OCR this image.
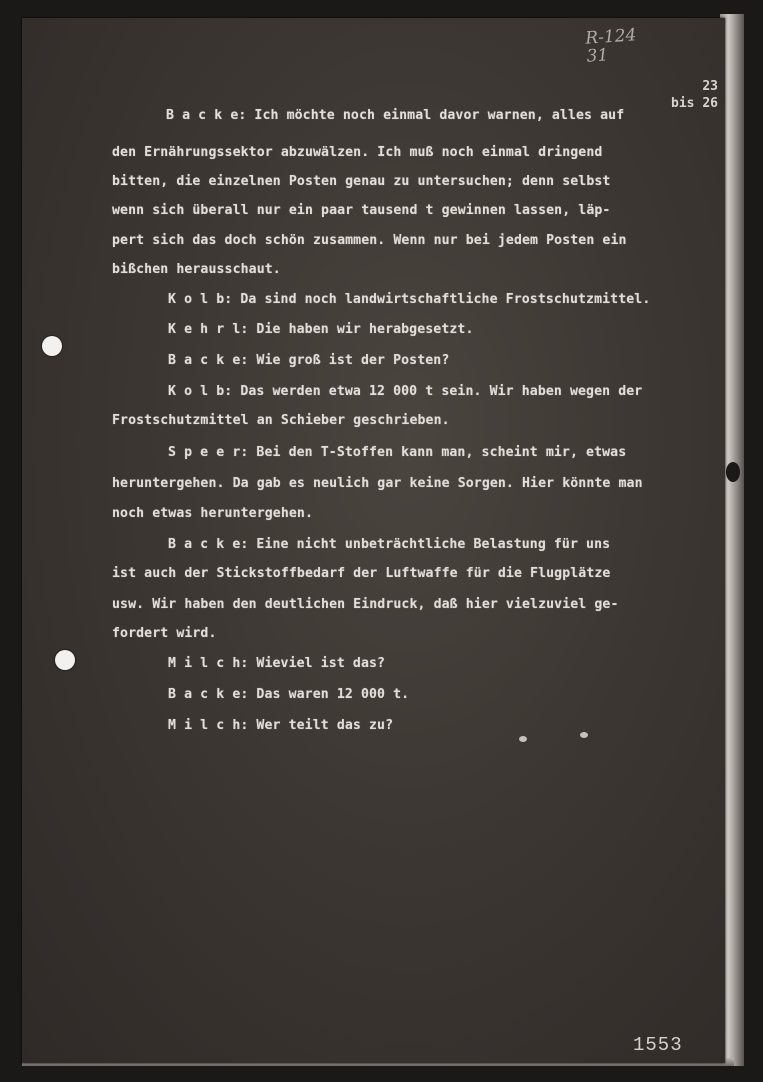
R-124
31
23
bis 26
B a c k e: Ich möchte noch einmal davor warnen, alles auf
den Ernährungssektor abzuwälzen. Ich muß noch einmal dringend
bitten, die einzelnen Posten genau zu untersuchen; denn selbst
wenn sich überall nur ein paar tausend t gewinnen lassen, läp-
pert sich das doch schön zusammen. Wenn nur bei jedem Posten ein
bißchen herausschaut.
K o l b: Da sind noch landwirtschaftliche Frostschutzmittel.
K e h r l: Die haben wir herabgesetzt.
B a c k e: Wie groß ist der Posten?
K o l b: Das werden etwa 12 000 t sein. Wir haben wegen der
Frostschutzmittel an Schieber geschrieben.
S p e e r: Bei den T-Stoffen kann man, scheint mir, etwas
heruntergehen. Da gab es neulich gar keine Sorgen. Hier könnte man
noch etwas heruntergehen.
B a c k e: Eine nicht unbeträchtliche Belastung für uns
ist auch der Stickstoffbedarf der Luftwaffe für die Flugplätze
usw. Wir haben den deutlichen Eindruck, daß hier vielzuviel ge-
fordert wird.
M i l c h: Wieviel ist das?
B a c k e: Das waren 12 000 t.
M i l c h: Wer teilt das zu?
1553
